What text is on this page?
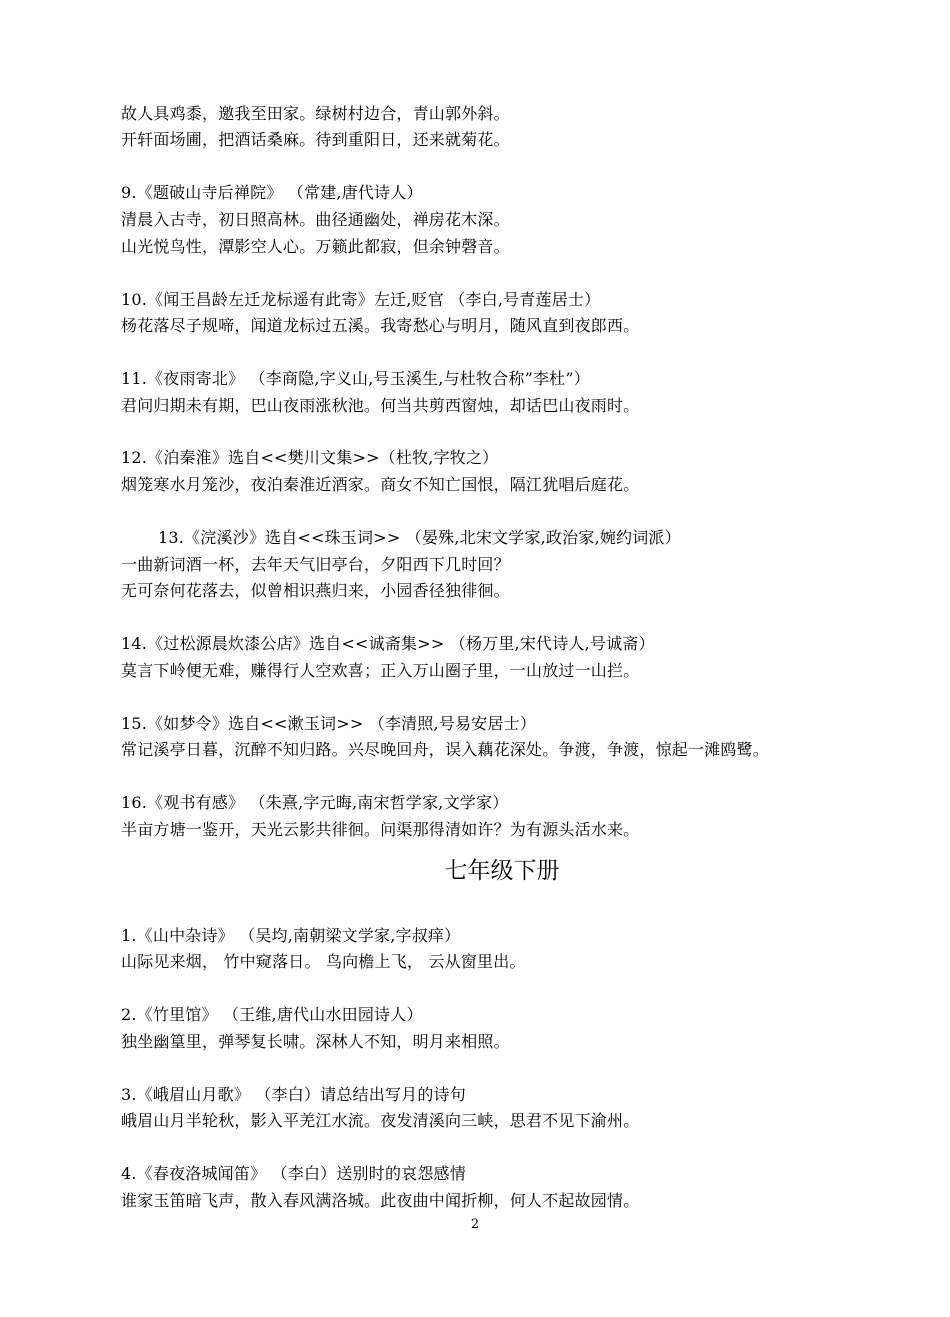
故人具鸡黍，邀我至田家。绿树村边合，青山郭外斜。
开轩面场圃，把酒话桑麻。待到重阳日，还来就菊花。
9.《题破山寺后禅院》 （常建,唐代诗人）
清晨入古寺，初日照高林。曲径通幽处，禅房花木深。
山光悦鸟性，潭影空人心。万籁此都寂，但余钟磬音。
10.《闻王昌龄左迁龙标遥有此寄》左迁,贬官 （李白,号青莲居士）
杨花落尽子规啼，闻道龙标过五溪。我寄愁心与明月，随风直到夜郎西。
11.《夜雨寄北》 （李商隐,字义山,号玉溪生,与杜牧合称”李杜”）
君问归期未有期，巴山夜雨涨秋池。何当共剪西窗烛，却话巴山夜雨时。
12.《泊秦淮》选自<<樊川文集>>（杜牧,字牧之）
烟笼寒水月笼沙，夜泊秦淮近酒家。商女不知亡国恨，隔江犹唱后庭花。
13.《浣溪沙》选自<<珠玉词>> （晏殊,北宋文学家,政治家,婉约词派）
一曲新词酒一杯，去年天气旧亭台，夕阳西下几时回？
无可奈何花落去，似曾相识燕归来，小园香径独徘徊。
14.《过松源晨炊漆公店》选自<<诚斋集>> （杨万里,宋代诗人,号诚斋）
莫言下岭便无难，赚得行人空欢喜；正入万山圈子里，一山放过一山拦。
15.《如梦令》选自<<漱玉词>> （李清照,号易安居士）
常记溪亭日暮，沉醉不知归路。兴尽晚回舟，误入藕花深处。争渡，争渡，惊起一滩鸥鹭。
16.《观书有感》 （朱熹,字元晦,南宋哲学家,文学家）
半亩方塘一鉴开，天光云影共徘徊。问渠那得清如许？为有源头活水来。
七年级下册
1.《山中杂诗》 （吴均,南朝梁文学家,字叔痒）
山际见来烟， 竹中窥落日。 鸟向檐上飞， 云从窗里出。
2.《竹里馆》 （王维,唐代山水田园诗人）
独坐幽篁里，弹琴复长啸。深林人不知，明月来相照。
3.《峨眉山月歌》 （李白）请总结出写月的诗句
峨眉山月半轮秋，影入平羌江水流。夜发清溪向三峡，思君不见下渝州。
4.《春夜洛城闻笛》 （李白）送别时的哀怨感情
谁家玉笛暗飞声，散入春风满洛城。此夜曲中闻折柳，何人不起故园情。
2
